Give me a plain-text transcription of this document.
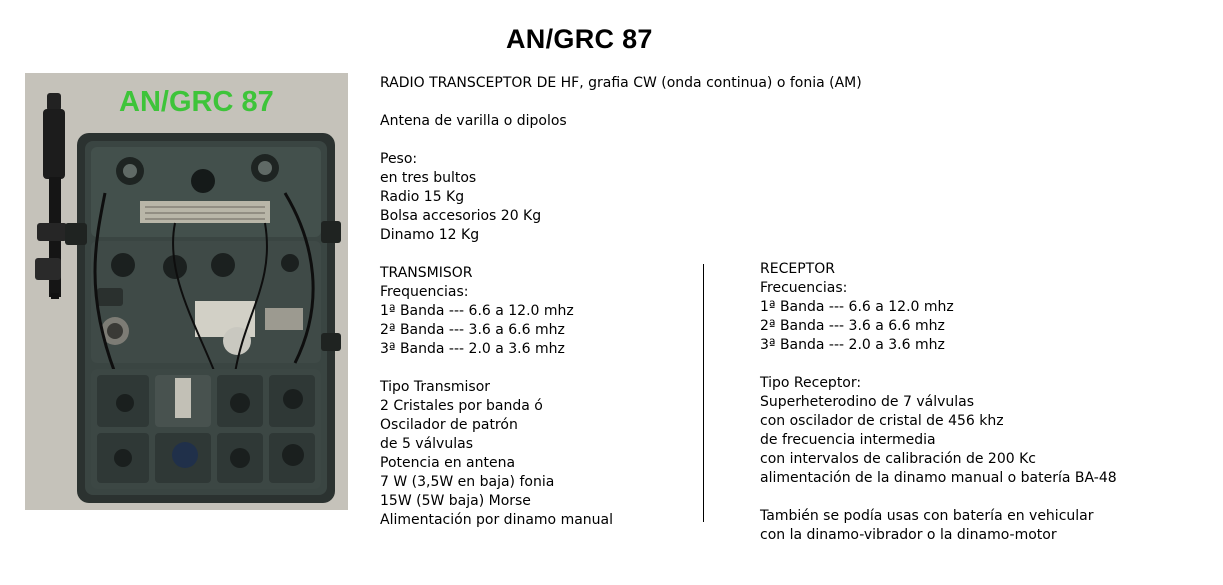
AN/GRC 87
AN/GRC 87
RADIO TRANSCEPTOR DE HF, grafia CW (onda continua) o fonia (AM)
Antena de varilla o dipolos
Peso:
en tres bultos
Radio 15 Kg
Bolsa accesorios 20 Kg
Dinamo 12 Kg
TRANSMISOR
Frequencias:
1ª Banda --- 6.6 a 12.0 mhz
2ª Banda --- 3.6 a 6.6 mhz
3ª Banda --- 2.0 a 3.6 mhz
Tipo Transmisor
2 Cristales por banda ó
Oscilador de patrón
de 5 válvulas
Potencia en antena
7 W (3,5W en baja) fonia
15W (5W baja) Morse
Alimentación por dinamo manual
RECEPTOR
Frecuencias:
1ª Banda --- 6.6 a 12.0 mhz
2ª Banda --- 3.6 a 6.6 mhz
3ª Banda --- 2.0 a 3.6 mhz
Tipo Receptor:
Superheterodino de 7 válvulas
con oscilador de cristal de 456 khz
de frecuencia intermedia
con intervalos de calibración de 200 Kc
alimentación de la dinamo manual o batería BA-48
También se podía usas con batería en vehicular
con la dinamo-vibrador o la dinamo-motor
